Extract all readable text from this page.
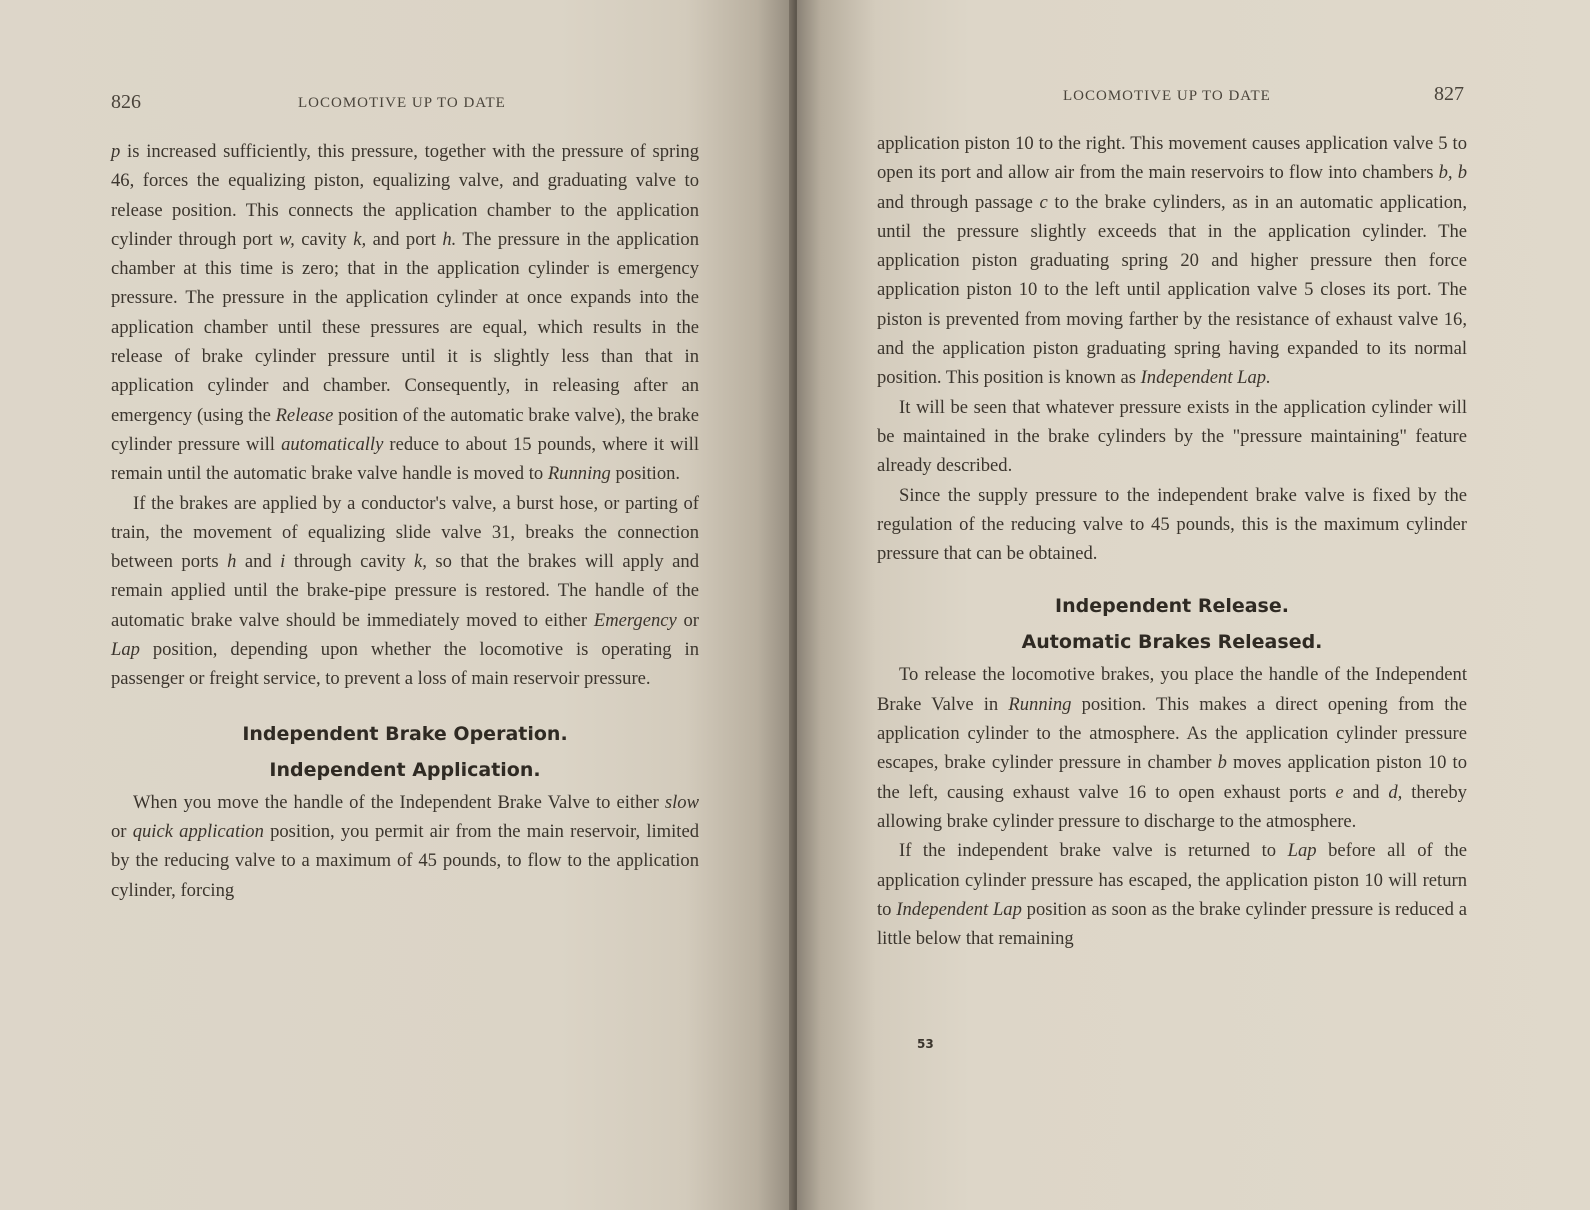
826	LOCOMOTIVE UP TO DATE

p is increased sufficiently, this pressure, together with the pressure of spring 46, forces the equalizing piston, equalizing valve, and graduating valve to release position. This connects the application chamber to the application cylinder through port w, cavity k, and port h. The pressure in the application chamber at this time is zero; that in the application cylinder is emergency pressure. The pressure in the application cylinder at once expands into the application chamber until these pressures are equal, which results in the release of brake cylinder pressure until it is slightly less than that in application cylinder and chamber. Consequently, in releasing after an emergency (using the Release position of the automatic brake valve), the brake cylinder pressure will automatically reduce to about 15 pounds, where it will remain until the automatic brake valve handle is moved to Running position.

If the brakes are applied by a conductor's valve, a burst hose, or parting of train, the movement of equalizing slide valve 31, breaks the connection between ports h and i through cavity k, so that the brakes will apply and remain applied until the brake-pipe pressure is restored. The handle of the automatic brake valve should be immediately moved to either Emergency or Lap position, depending upon whether the locomotive is operating in passenger or freight service, to prevent a loss of main reservoir pressure.

Independent Brake Operation.
Independent Application.

When you move the handle of the Independent Brake Valve to either slow or quick application position, you permit air from the main reservoir, limited by the reducing valve to a maximum of 45 pounds, to flow to the application cylinder, forcing

LOCOMOTIVE UP TO DATE	827

application piston 10 to the right. This movement causes application valve 5 to open its port and allow air from the main reservoirs to flow into chambers b, b and through passage c to the brake cylinders, as in an automatic application, until the pressure slightly exceeds that in the application cylinder. The application piston graduating spring 20 and higher pressure then force application piston 10 to the left until application valve 5 closes its port. The piston is prevented from moving farther by the resistance of exhaust valve 16, and the application piston graduating spring having expanded to its normal position. This position is known as Independent Lap.

It will be seen that whatever pressure exists in the application cylinder will be maintained in the brake cylinders by the "pressure maintaining" feature already described.

Since the supply pressure to the independent brake valve is fixed by the regulation of the reducing valve to 45 pounds, this is the maximum cylinder pressure that can be obtained.

Independent Release.
Automatic Brakes Released.

To release the locomotive brakes, you place the handle of the Independent Brake Valve in Running position. This makes a direct opening from the application cylinder to the atmosphere. As the application cylinder pressure escapes, brake cylinder pressure in chamber b moves application piston 10 to the left, causing exhaust valve 16 to open exhaust ports e and d, thereby allowing brake cylinder pressure to discharge to the atmosphere.

If the independent brake valve is returned to Lap before all of the application cylinder pressure has escaped, the application piston 10 will return to Independent Lap position as soon as the brake cylinder pressure is reduced a little below that remaining

53
